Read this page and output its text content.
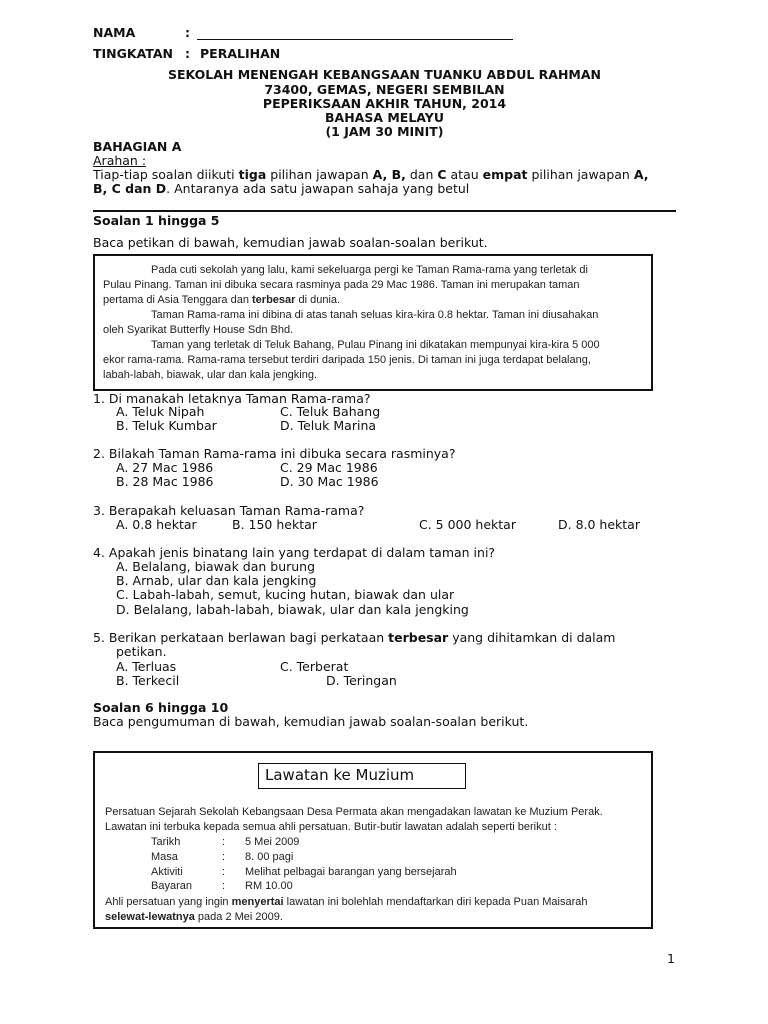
NAMA	:
TINGKATAN : PERALIHAN
SEKOLAH MENENGAH KEBANGSAAN TUANKU ABDUL RAHMAN
73400, GEMAS, NEGERI SEMBILAN
PEPERIKSAAN AKHIR TAHUN, 2014
BAHASA MELAYU
(1 JAM 30 MINIT)
BAHAGIAN A
Arahan :
Tiap-tiap soalan diikuti tiga pilihan jawapan A, B, dan C atau empat pilihan jawapan A,
B, C dan D. Antaranya ada satu jawapan sahaja yang betul
Soalan 1 hingga 5
Baca petikan di bawah, kemudian jawab soalan-soalan berikut.
Pada cuti sekolah yang lalu, kami sekeluarga pergi ke Taman Rama-rama yang terletak di
Pulau Pinang. Taman ini dibuka secara rasminya pada 29 Mac 1986. Taman ini merupakan taman
pertama di Asia Tenggara dan terbesar di dunia.
Taman Rama-rama ini dibina di atas tanah seluas kira-kira 0.8 hektar. Taman ini diusahakan
oleh Syarikat Butterfly House Sdn Bhd.
Taman yang terletak di Teluk Bahang, Pulau Pinang ini dikatakan mempunyai kira-kira 5 000
ekor rama-rama. Rama-rama tersebut terdiri daripada 150 jenis. Di taman ini juga terdapat belalang,
labah-labah, biawak, ular dan kala jengking.
1. Di manakah letaknya Taman Rama-rama?
A. Teluk Nipah	C. Teluk Bahang
B. Teluk Kumbar	D. Teluk Marina
2. Bilakah Taman Rama-rama ini dibuka secara rasminya?
A. 27 Mac 1986	C. 29 Mac 1986
B. 28 Mac 1986	D. 30 Mac 1986
3. Berapakah keluasan Taman Rama-rama?
A. 0.8 hektar	B. 150 hektar	C. 5 000 hektar	D. 8.0 hektar
4. Apakah jenis binatang lain yang terdapat di dalam taman ini?
A. Belalang, biawak dan burung
B. Arnab, ular dan kala jengking
C. Labah-labah, semut, kucing hutan, biawak dan ular
D. Belalang, labah-labah, biawak, ular dan kala jengking
5. Berikan perkataan berlawan bagi perkataan terbesar yang dihitamkan di dalam
petikan.
A. Terluas	C. Terberat
B. Terkecil	D. Teringan
Soalan 6 hingga 10
Baca pengumuman di bawah, kemudian jawab soalan-soalan berikut.
Lawatan ke Muzium
Persatuan Sejarah Sekolah Kebangsaan Desa Permata akan mengadakan lawatan ke Muzium Perak.
Lawatan ini terbuka kepada semua ahli persatuan. Butir-butir lawatan adalah seperti berikut :
Tarikh	: 5 Mei 2009
Masa	: 8. 00 pagi
Aktiviti	: Melihat pelbagai barangan yang bersejarah
Bayaran	: RM 10.00
Ahli persatuan yang ingin menyertai lawatan ini bolehlah mendaftarkan diri kepada Puan Maisarah
selewat-lewatnya pada 2 Mei 2009.
1
